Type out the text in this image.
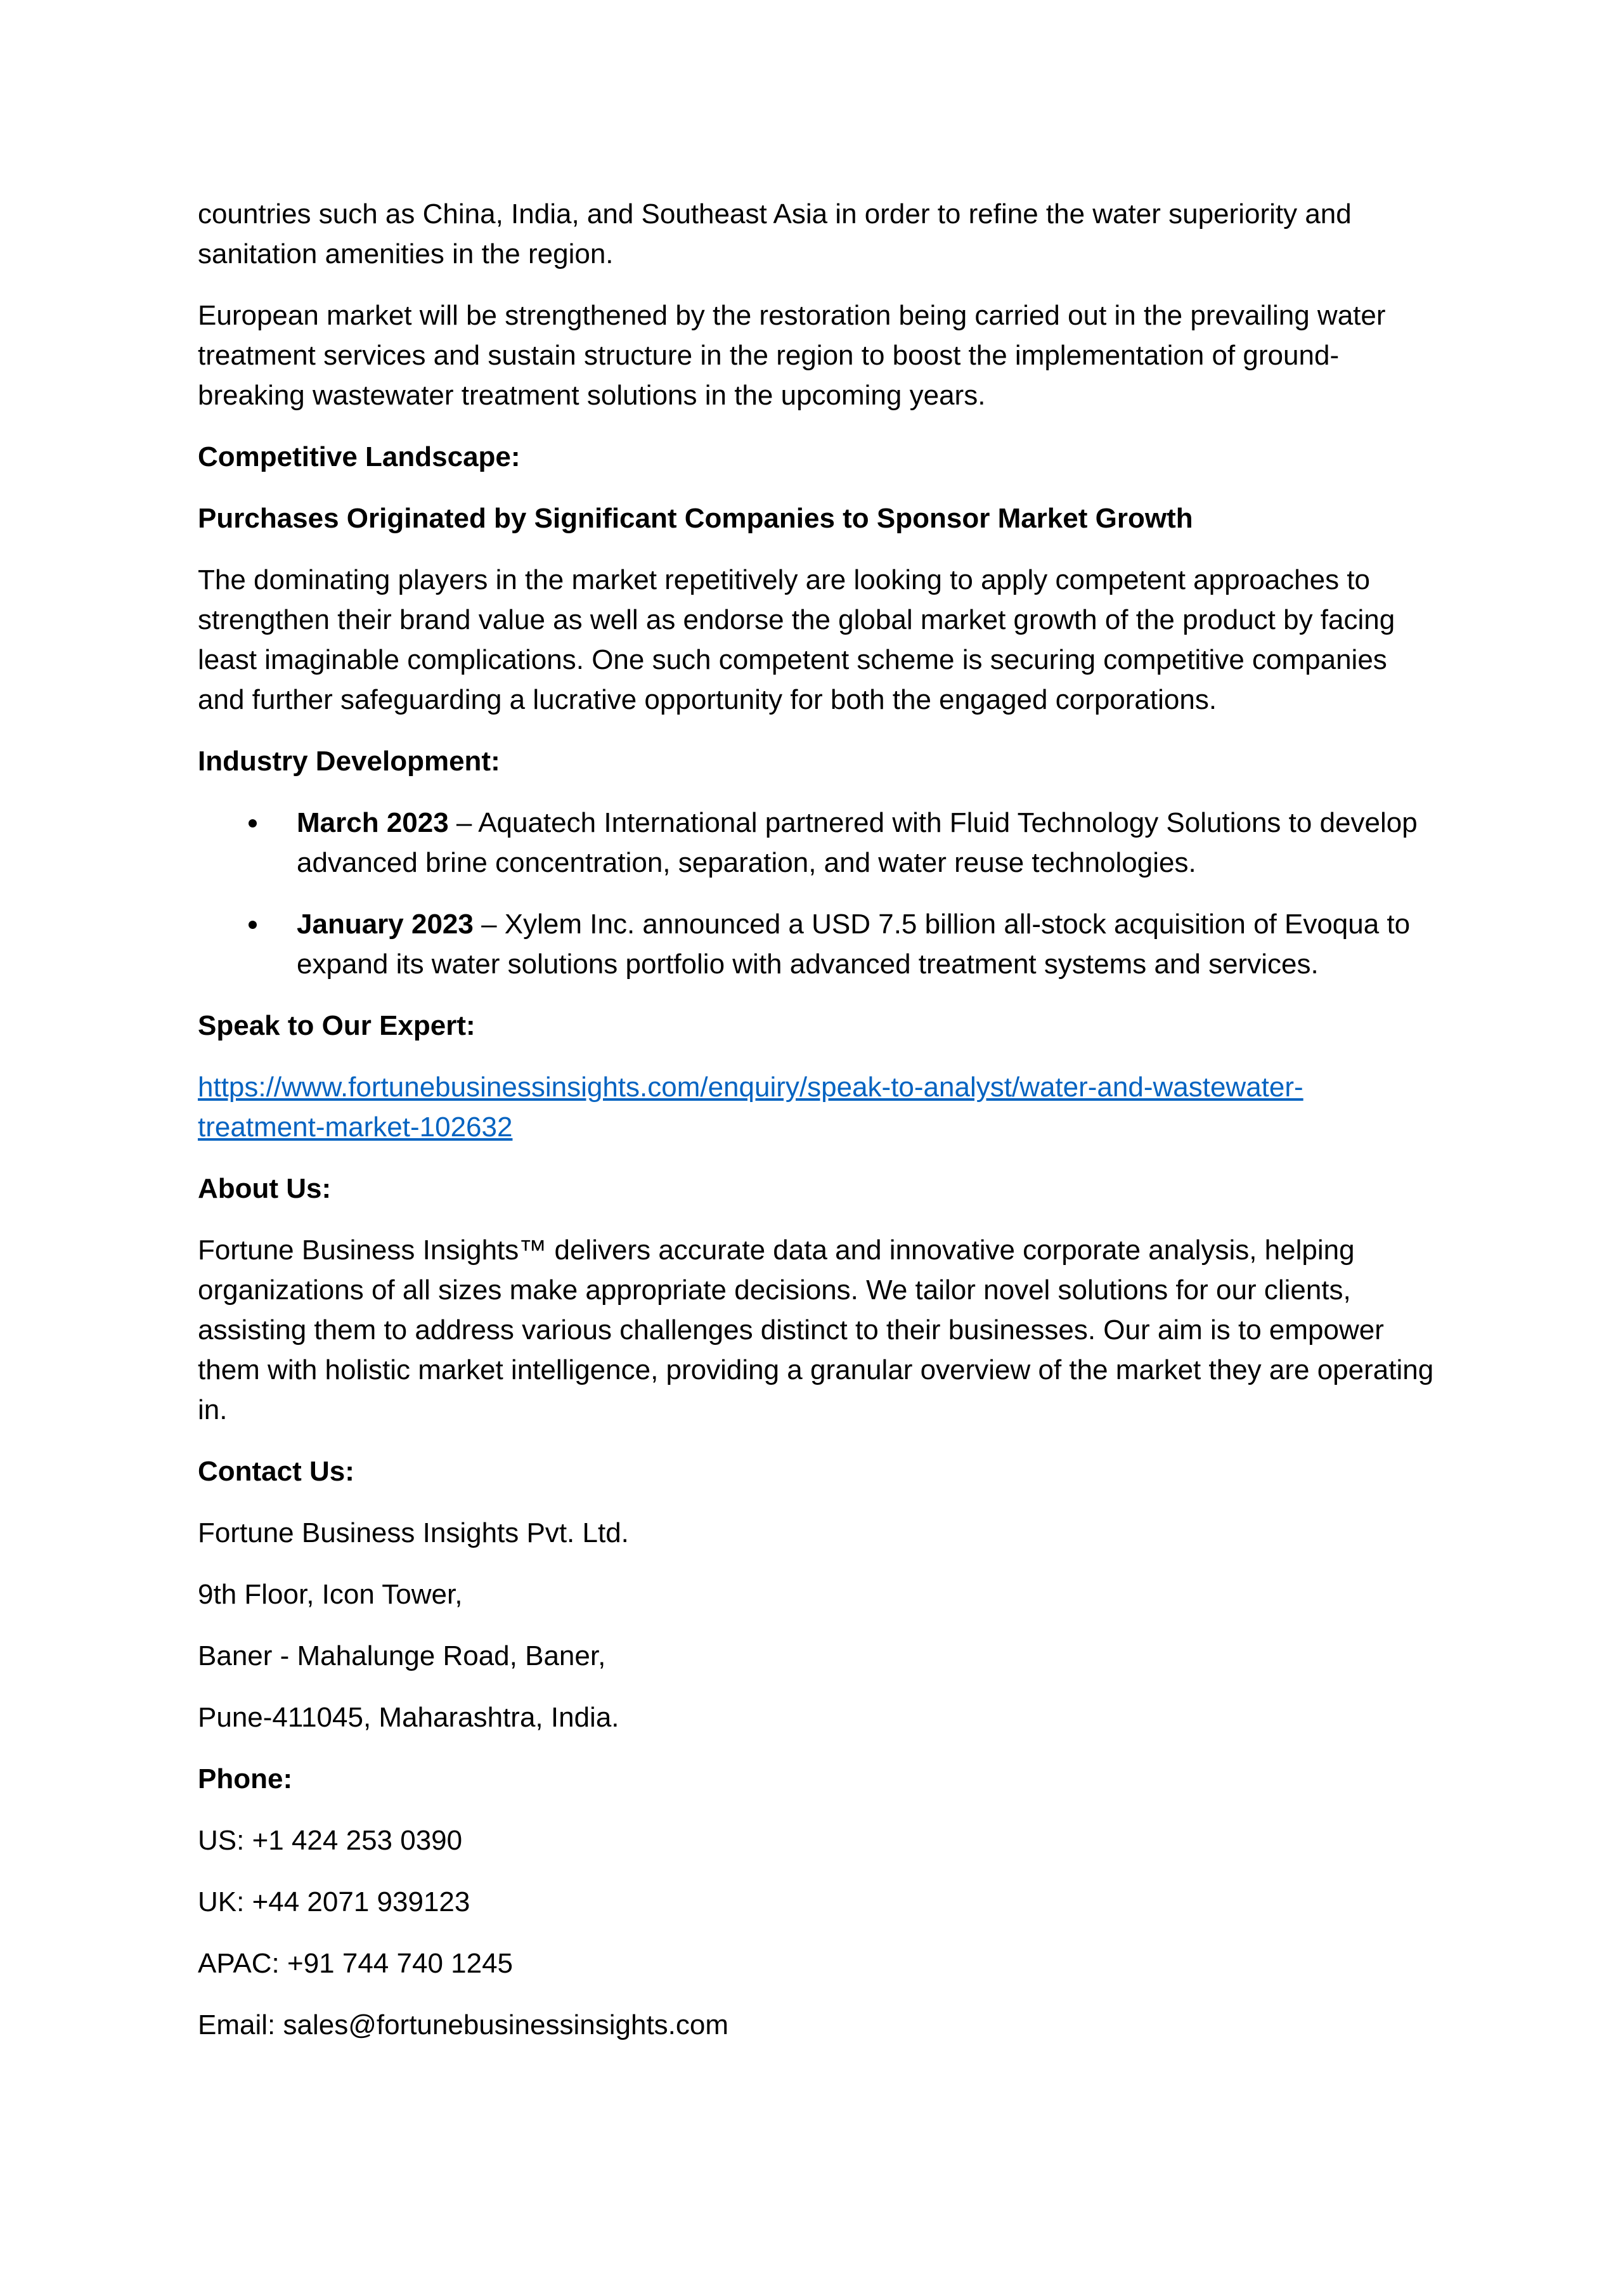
countries such as China, India, and Southeast Asia in order to refine the water superiority and sanitation amenities in the region.

European market will be strengthened by the restoration being carried out in the prevailing water treatment services and sustain structure in the region to boost the implementation of ground-breaking wastewater treatment solutions in the upcoming years.

Competitive Landscape:

Purchases Originated by Significant Companies to Sponsor Market Growth

The dominating players in the market repetitively are looking to apply competent approaches to strengthen their brand value as well as endorse the global market growth of the product by facing least imaginable complications. One such competent scheme is securing competitive companies and further safeguarding a lucrative opportunity for both the engaged corporations.

Industry Development:

March 2023 – Aquatech International partnered with Fluid Technology Solutions to develop advanced brine concentration, separation, and water reuse technologies.
January 2023 – Xylem Inc. announced a USD 7.5 billion all-stock acquisition of Evoqua to expand its water solutions portfolio with advanced treatment systems and services.

Speak to Our Expert:

https://www.fortunebusinessinsights.com/enquiry/speak-to-analyst/water-and-wastewater-
treatment-market-102632

About Us:

Fortune Business Insights™ delivers accurate data and innovative corporate analysis, helping organizations of all sizes make appropriate decisions. We tailor novel solutions for our clients, assisting them to address various challenges distinct to their businesses. Our aim is to empower them with holistic market intelligence, providing a granular overview of the market they are operating in.

Contact Us:

Fortune Business Insights Pvt. Ltd.

9th Floor, Icon Tower,

Baner - Mahalunge Road, Baner,

Pune-411045, Maharashtra, India.

Phone:

US: +1 424 253 0390

UK: +44 2071 939123

APAC: +91 744 740 1245

Email: sales@fortunebusinessinsights.com
